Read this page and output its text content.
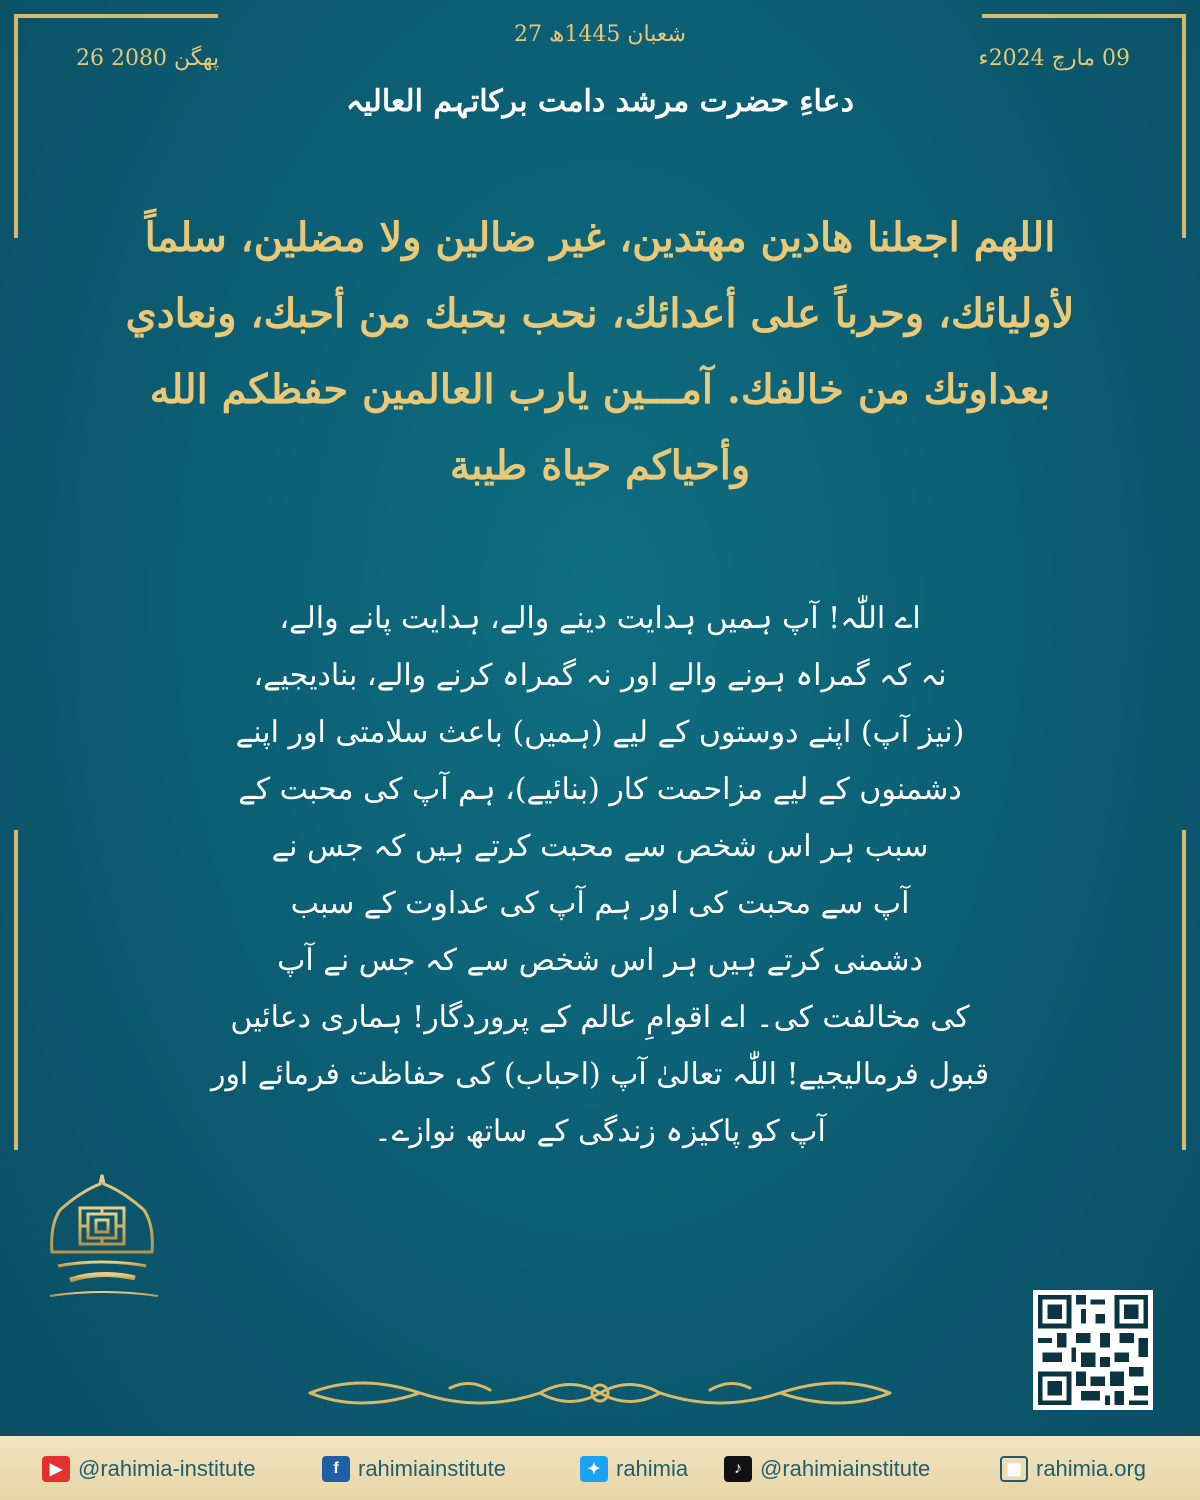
26 پھگن 2080
27 شعبان 1445ھ
09 مارچ 2024ء
دعاءِ حضرت مرشد دامت برکاتہم العالیہ
اللهم اجعلنا هادين مهتدين، غير ضالين ولا مضلين، سلماً لأوليائك، وحرباً على أعدائك، نحب بحبك من أحبك، ونعادي بعداوتك من خالفك. آمـــين يارب العالمين حفظكم الله وأحياكم حياة طيبة
اے اللّٰہ! آپ ہمیں ہدایت دینے والے، ہدایت پانے والے،
نہ کہ گمراہ ہونے والے اور نہ گمراہ کرنے والے، بنادیجیے،
(نیز آپ) اپنے دوستوں کے لیے (ہمیں) باعث سلامتی اور اپنے
دشمنوں کے لیے مزاحمت کار (بنائیے)، ہم آپ کی محبت کے
سبب ہر اس شخص سے محبت کرتے ہیں کہ جس نے
آپ سے محبت کی اور ہم آپ کی عداوت کے سبب
دشمنی کرتے ہیں ہر اس شخص سے کہ جس نے آپ
کی مخالفت کی۔ اے اقوامِ عالم کے پروردگار! ہماری دعائیں
قبول فرمالیجیے! اللّٰہ تعالیٰ آپ (احباب) کی حفاظت فرمائے اور
آپ کو پاکیزہ زندگی کے ساتھ نوازے۔
▶ @rahimia-institute	f rahimiainstitute	✦ rahimia	♪ @rahimiainstitute	▦ rahimia.org
